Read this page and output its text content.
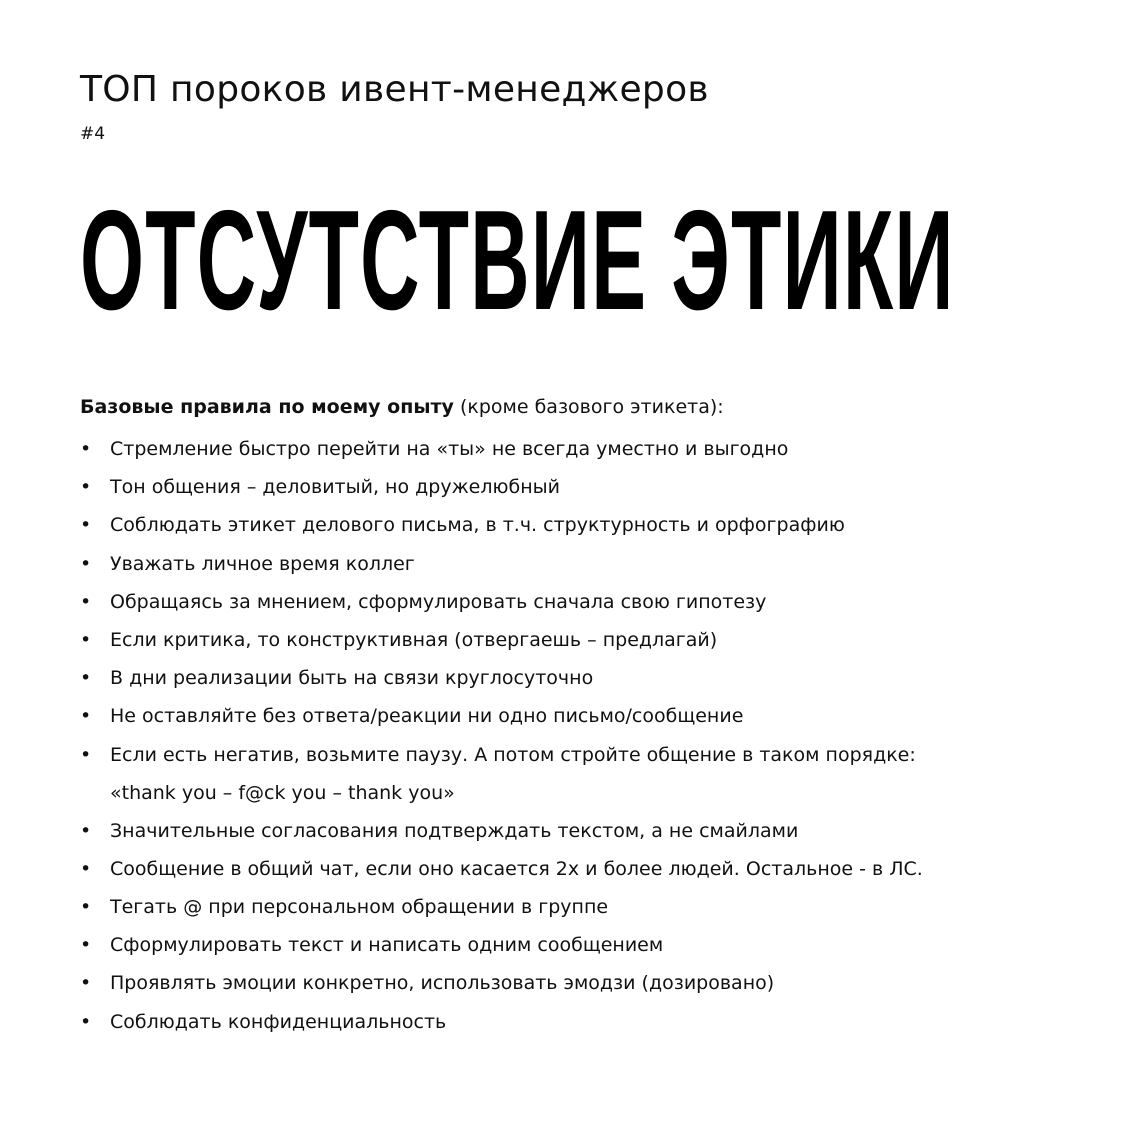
ТОП пороков ивент-менеджеров
#4
ОТСУТСТВИЕ ЭТИКИ
Базовые правила по моему опыту (кроме базового этикета):
• Стремление быстро перейти на «ты» не всегда уместно и выгодно
• Тон общения – деловитый, но дружелюбный
• Соблюдать этикет делового письма, в т.ч. структурность и орфографию
• Уважать личное время коллег
• Обращаясь за мнением, сформулировать сначала свою гипотезу
• Если критика, то конструктивная (отвергаешь – предлагай)
• В дни реализации быть на связи круглосуточно
• Не оставляйте без ответа/реакции ни одно письмо/сообщение
• Если есть негатив, возьмите паузу. А потом стройте общение в таком порядке:
«thank you – f@ck you – thank you»
• Значительные согласования подтверждать текстом, а не смайлами
• Сообщение в общий чат, если оно касается 2х и более людей. Остальное - в ЛС.
• Тегать @ при персональном обращении в группе
• Сформулировать текст и написать одним сообщением
• Проявлять эмоции конкретно, использовать эмодзи (дозировано)
• Соблюдать конфиденциальность
